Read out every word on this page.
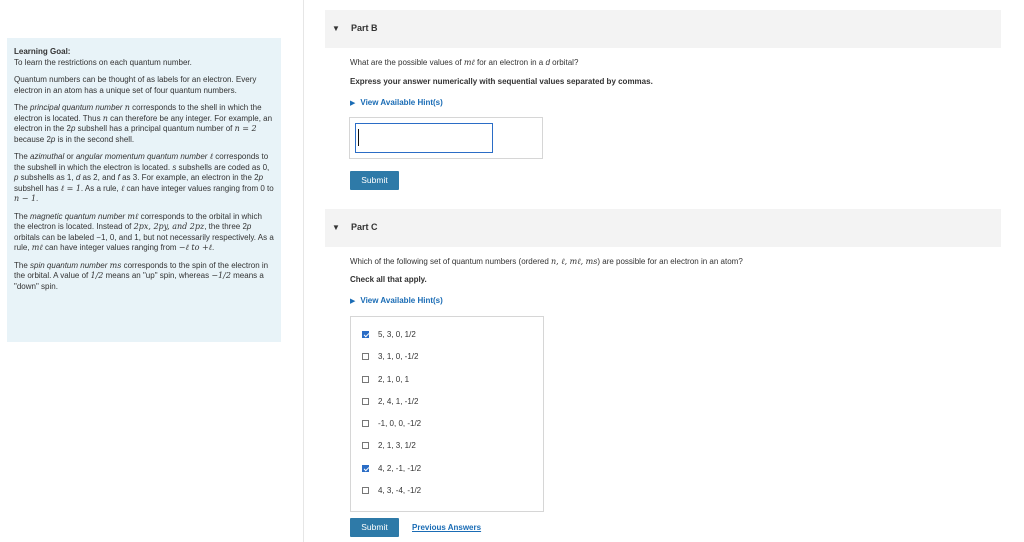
Learning Goal:
To learn the restrictions on each quantum number.

Quantum numbers can be thought of as labels for an electron. Every electron in an atom has a unique set of four quantum numbers.

The principal quantum number n corresponds to the shell in which the electron is located. Thus n can therefore be any integer. For example, an electron in the 2p subshell has a principal quantum number of n = 2 because 2p is in the second shell.

The azimuthal or angular momentum quantum number ℓ corresponds to the subshell in which the electron is located. s subshells are coded as 0, p subshells as 1, d as 2, and f as 3. For example, an electron in the 2p subshell has ℓ = 1. As a rule, ℓ can have integer values ranging from 0 to n − 1.

The magnetic quantum number mℓ corresponds to the orbital in which the electron is located. Instead of 2px, 2py, and 2pz, the three 2p orbitals can be labeled −1, 0, and 1, but not necessarily respectively. As a rule, mℓ can have integer values ranging from −ℓ to +ℓ.

The spin quantum number ms corresponds to the spin of the electron in the orbital. A value of 1/2 means an "up" spin, whereas −1/2 means a "down" spin.

▼ Part B
What are the possible values of mℓ for an electron in a d orbital?
Express your answer numerically with sequential values separated by commas.
▶ View Available Hint(s)
Submit
▼ Part C
Which of the following set of quantum numbers (ordered n, ℓ, mℓ, ms) are possible for an electron in an atom?
Check all that apply.
▶ View Available Hint(s)
5, 3, 0, 1/2
3, 1, 0, -1/2
2, 1, 0, 1
2, 4, 1, -1/2
-1, 0, 0, -1/2
2, 1, 3, 1/2
4, 2, -1, -1/2
4, 3, -4, -1/2
Submit	Previous Answers
